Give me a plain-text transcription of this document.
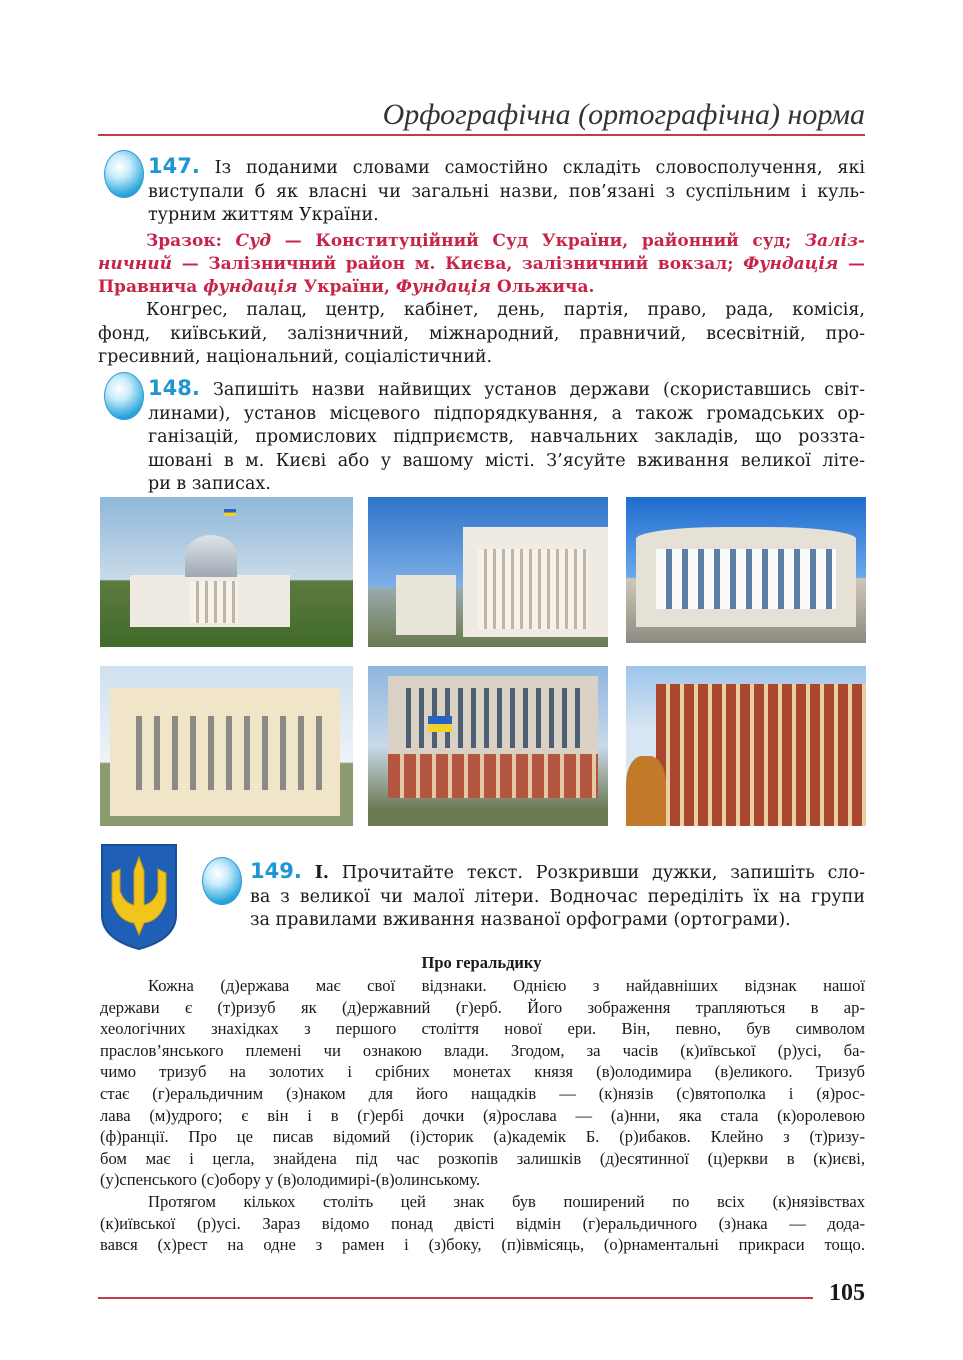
Орфографічна (ортографічна) норма
147. Із поданими словами самостійно складіть словосполучення, які
виступали б як власні чи загальні назви, пов’язані з суспільним і куль-
турним життям України.
Зразок: Суд — Конституційний Суд України, районний суд; Заліз-
ничний — Залізничний район м. Києва, залізничний вокзал; Фундація —
Правнича фундація України, Фундація Ольжича.
Конгрес, палац, центр, кабінет, день, партія, право, рада, комісія,
фонд, київський, залізничний, міжнародний, правничий, всесвітній, про-
гресивний, національний, соціалістичний.
148. Запишіть назви найвищих установ держави (скориставшись світ-
линами), установ місцевого підпорядкування, а також громадських ор-
ганізацій, промислових підприємств, навчальних закладів, що роззта-
шовані в м. Києві або у вашому місті. З’ясуйте вживання великої літе-
ри в записах.
149. І. Прочитайте текст. Розкривши дужки, запишіть сло-
ва з великої чи малої літери. Водночас переділіть їх на групи
за правилами вживання названої орфограми (ортограми).
Про геральдику
Кожна (д)ержава має свої відзнаки. Однією з найдавніших відзнак нашої
держави є (т)ризуб як (д)ержавний (г)ерб. Його зображення трапляються в ар-
хеологічних знахідках з першого століття нової ери. Він, певно, був символом
праслов’янського племені чи ознакою влади. Згодом, за часів (к)иївської (р)усі, ба-
чимо тризуб на золотих і срібних монетах князя (в)олодимира (в)еликого. Тризуб
стає (г)еральдичним (з)наком для його нащадків — (к)нязів (с)вятополка і (я)рос-
лава (м)удрого; є він і в (г)ербі дочки (я)рослава — (а)нни, яка стала (к)оролевою
(ф)ранції. Про це писав відомий (і)сторик (а)кадемік Б. (р)ибаков. Клейно з (т)ризу-
бом має і цегла, знайдена під час розкопів залишків (д)есятинної (ц)еркви в (к)иєві,
(у)спенського (с)обору у (в)олодимирі-(в)олинському.
Протягом кількох століть цей знак був поширений по всіх (к)нязівствах
(к)иївської (р)усі. Зараз відомо понад двісті відмін (г)еральдичного (з)нака — дода-
вався (х)рест на одне з рамен і (з)боку, (п)івмісяць, (о)рнаментальні прикраси тощо.
105
